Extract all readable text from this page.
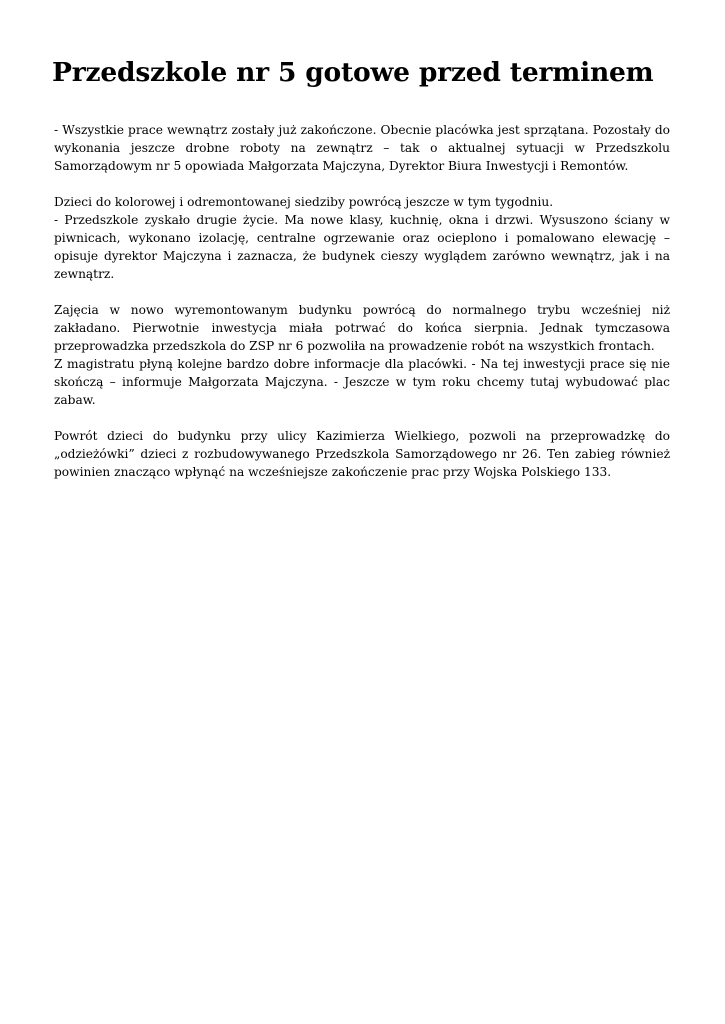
Przedszkole nr 5 gotowe przed terminem

- Wszystkie prace wewnątrz zostały już zakończone. Obecnie placówka jest sprzątana. Pozostały do wykonania jeszcze drobne roboty na zewnątrz – tak o aktualnej sytuacji w Przedszkolu Samorządowym nr 5 opowiada Małgorzata Majczyna, Dyrektor Biura Inwestycji i Remontów.

Dzieci do kolorowej i odremontowanej siedziby powrócą jeszcze w tym tygodniu.

- Przedszkole zyskało drugie życie. Ma nowe klasy, kuchnię, okna i drzwi. Wysuszono ściany w piwnicach, wykonano izolację, centralne ogrzewanie oraz ocieplono i pomalowano elewację – opisuje dyrektor Majczyna i zaznacza, że budynek cieszy wyglądem zarówno wewnątrz, jak i na zewnątrz.

Zajęcia w nowo wyremontowanym budynku powrócą do normalnego trybu wcześniej niż zakładano. Pierwotnie inwestycja miała potrwać do końca sierpnia. Jednak tymczasowa przeprowadzka przedszkola do ZSP nr 6 pozwoliła na prowadzenie robót na wszystkich frontach.

Z magistratu płyną kolejne bardzo dobre informacje dla placówki. - Na tej inwestycji prace się nie skończą – informuje Małgorzata Majczyna. - Jeszcze w tym roku chcemy tutaj wybudować plac zabaw.

Powrót dzieci do budynku przy ulicy Kazimierza Wielkiego, pozwoli na przeprowadzkę do „odzieżówki” dzieci z rozbudowywanego Przedszkola Samorządowego nr 26. Ten zabieg również powinien znacząco wpłynąć na wcześniejsze zakończenie prac przy Wojska Polskiego 133.
